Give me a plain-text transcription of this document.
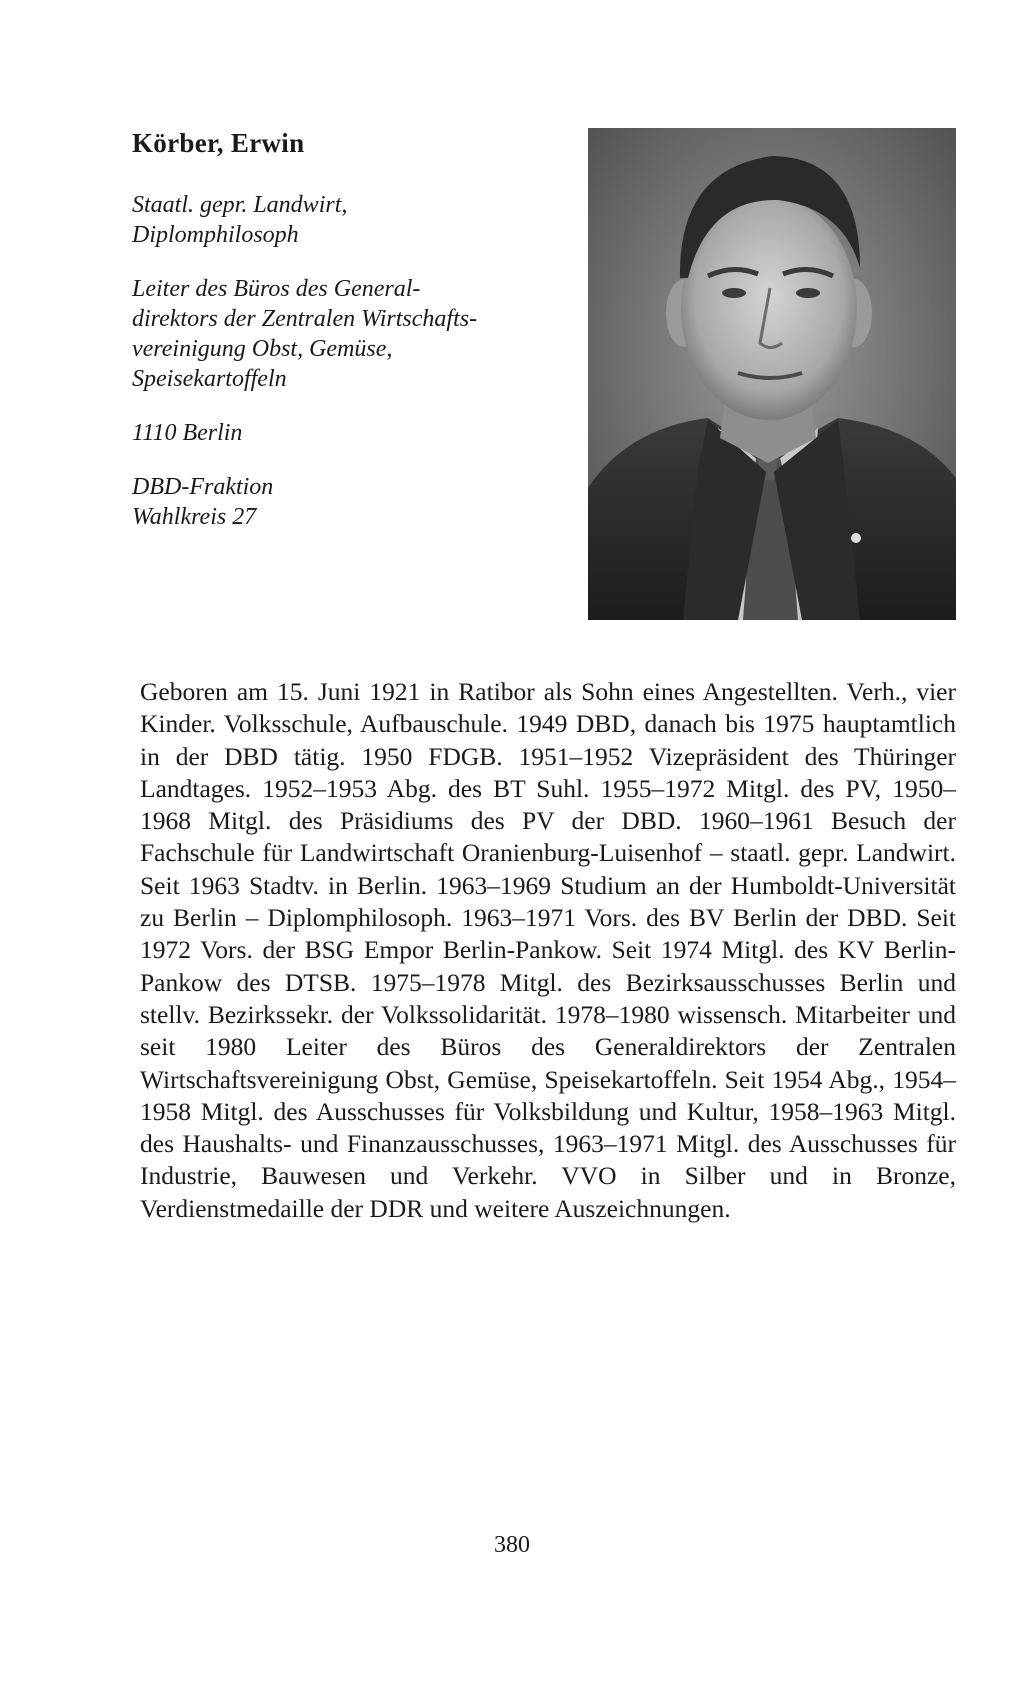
Körber, Erwin
Staatl. gepr. Landwirt,
Diplomphilosoph
Leiter des Büros des General-
direktors der Zentralen Wirtschafts-
vereinigung Obst, Gemüse,
Speisekartoffeln
1110 Berlin
DBD-Fraktion
Wahlkreis 27

Geboren am 15. Juni 1921 in Ratibor als Sohn eines Angestellten. Verh., vier Kinder. Volksschule, Aufbauschule. 1949 DBD, danach bis 1975 hauptamtlich in der DBD tätig. 1950 FDGB. 1951–1952 Vizepräsident des Thüringer Landtages. 1952–1953 Abg. des BT Suhl. 1955–1972 Mitgl. des PV, 1950–1968 Mitgl. des Präsidiums des PV der DBD. 1960–1961 Besuch der Fachschule für Landwirtschaft Oranienburg-Luisenhof – staatl. gepr. Landwirt. Seit 1963 Stadtv. in Berlin. 1963–1969 Studium an der Humboldt-Universität zu Berlin – Diplomphilosoph. 1963–1971 Vors. des BV Berlin der DBD. Seit 1972 Vors. der BSG Empor Berlin-Pankow. Seit 1974 Mitgl. des KV Berlin-Pankow des DTSB. 1975–1978 Mitgl. des Bezirksausschusses Berlin und stellv. Bezirkssekr. der Volkssolidarität. 1978–1980 wissensch. Mitarbeiter und seit 1980 Leiter des Büros des Generaldirektors der Zentralen Wirtschaftsvereinigung Obst, Gemüse, Speisekartoffeln. Seit 1954 Abg., 1954–1958 Mitgl. des Ausschusses für Volksbildung und Kultur, 1958–1963 Mitgl. des Haushalts- und Finanzausschusses, 1963–1971 Mitgl. des Ausschusses für Industrie, Bauwesen und Verkehr. VVO in Silber und in Bronze, Verdienstmedaille der DDR und weitere Auszeichnungen.

380
